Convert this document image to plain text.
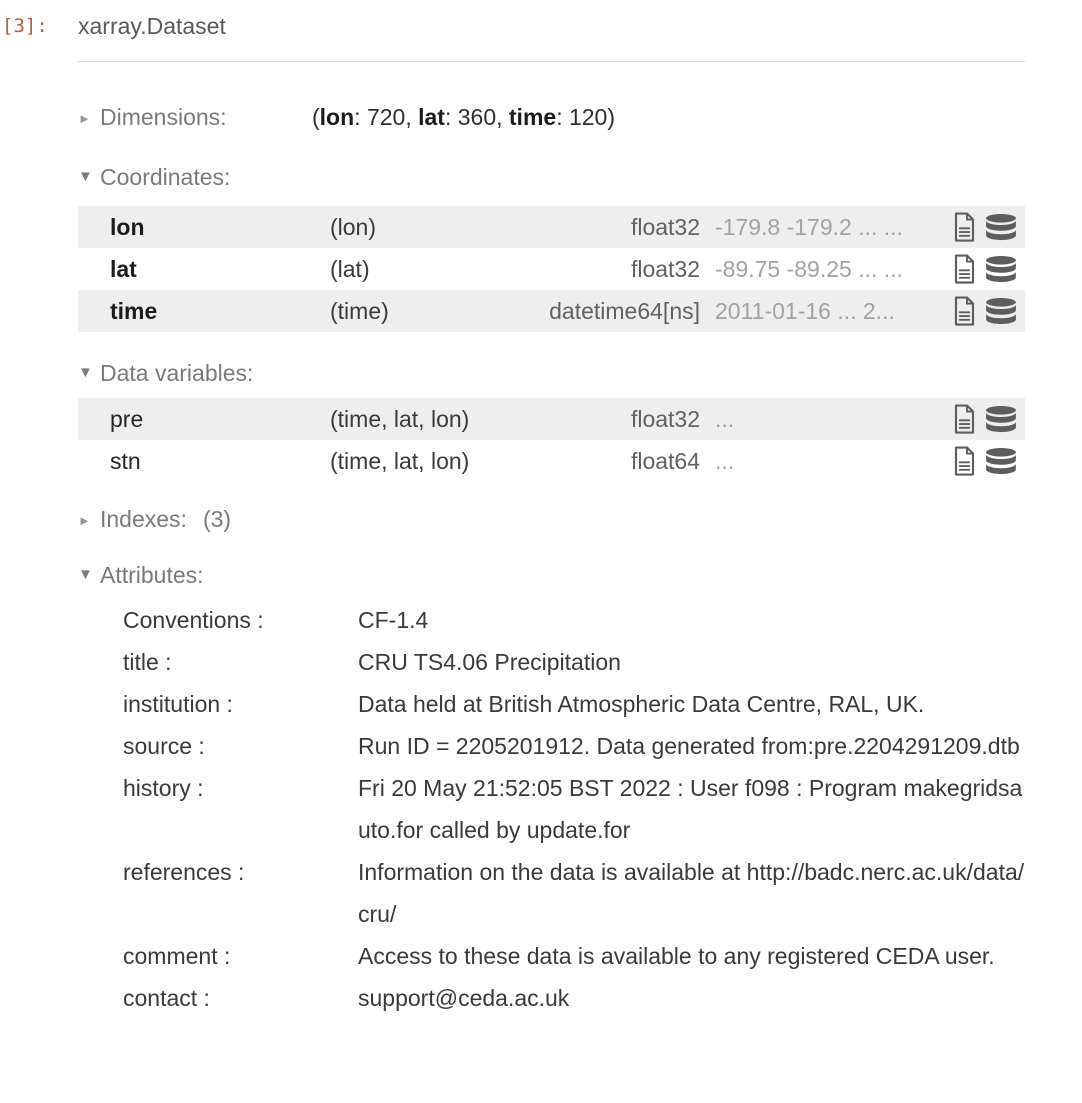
[3]: xarray.Dataset
► Dimensions:	(lon: 720, lat: 360, time: 120)
▼ Coordinates:
lon	(lon)	float32 -179.8 -179.2 ... ...
lat	(lat)	float32 -89.75 -89.25 ... ...
time	(time)	datetime64[ns] 2011-01-16 ... 2...
▼ Data variables:
pre	(time, lat, lon)	float32 ...
stn	(time, lat, lon)	float64 ...
► Indexes: (3)
▼ Attributes:
Conventions :	CF-1.4
title :	CRU TS4.06 Precipitation
institution :	Data held at British Atmospheric Data Centre, RAL, UK.
source :	Run ID = 2205201912. Data generated from:pre.2204291209.dtb
history :	Fri 20 May 21:52:05 BST 2022 : User f098 : Program makegridsauto.for called by update.for
references :	Information on the data is available at http://badc.nerc.ac.uk/data/cru/
comment :	Access to these data is available to any registered CEDA user.
contact :	support@ceda.ac.uk
